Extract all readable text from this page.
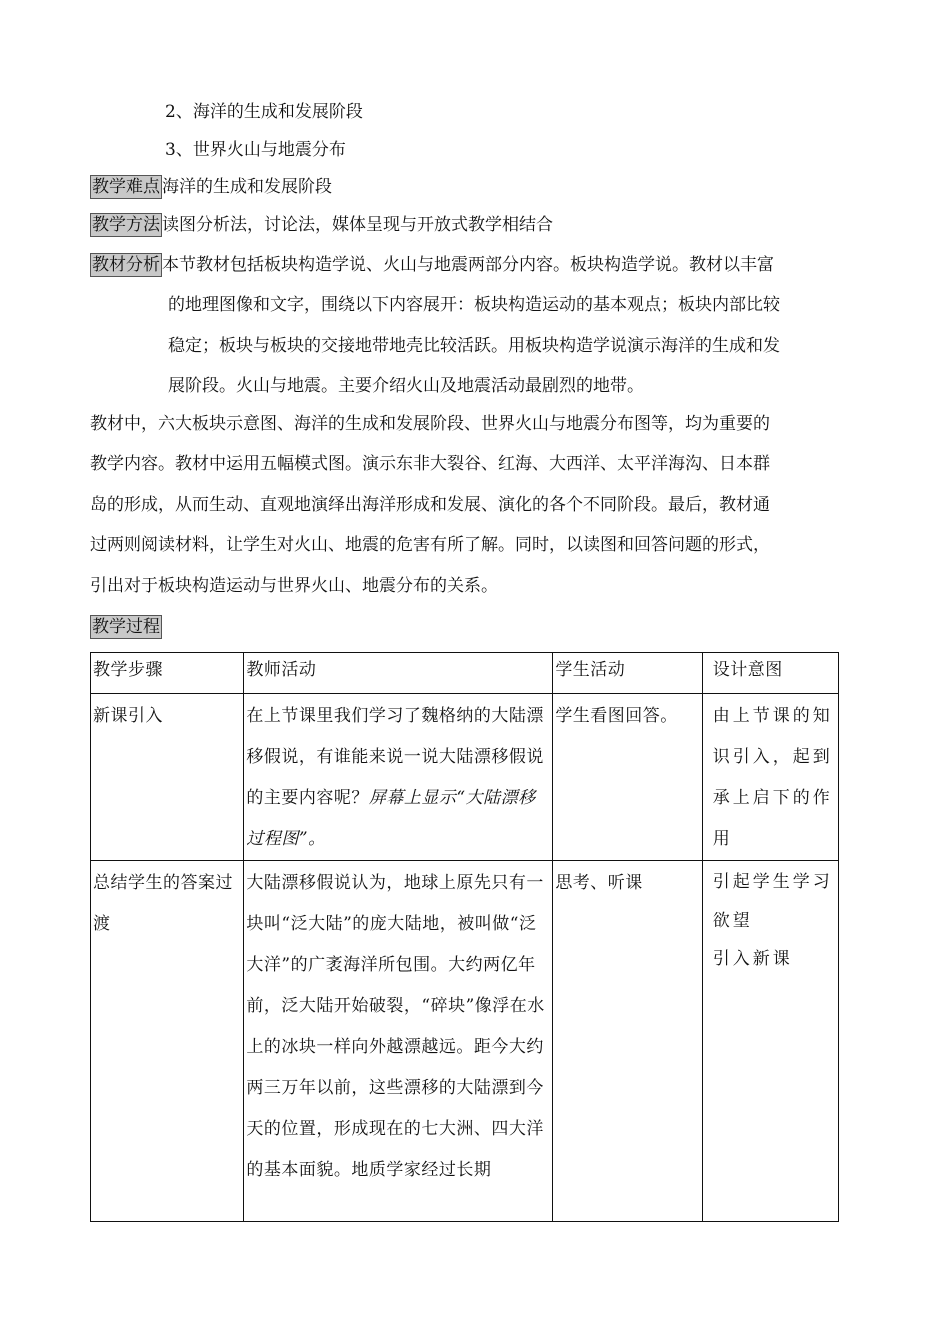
2、海洋的生成和发展阶段
3、世界火山与地震分布
教学难点 海洋的生成和发展阶段
教学方法 读图分析法，讨论法，媒体呈现与开放式教学相结合
教材分析 本节教材包括板块构造学说、火山与地震两部分内容。板块构造学说。教材以丰富
的地理图像和文字，围绕以下内容展开：板块构造运动的基本观点；板块内部比较
稳定；板块与板块的交接地带地壳比较活跃。用板块构造学说演示海洋的生成和发
展阶段。火山与地震。主要介绍火山及地震活动最剧烈的地带。
教材中，六大板块示意图、海洋的生成和发展阶段、世界火山与地震分布图等，均为重要的
教学内容。教材中运用五幅模式图。演示东非大裂谷、红海、大西洋、太平洋海沟、日本群
岛的形成，从而生动、直观地演绎出海洋形成和发展、演化的各个不同阶段。最后，教材通
过两则阅读材料，让学生对火山、地震的危害有所了解。同时，以读图和回答问题的形式，
引出对于板块构造运动与世界火山、地震分布的关系。
教学过程
教学步骤	教师活动	学生活动	设计意图
新课引入	在上节课里我们学习了魏格纳的大陆漂移假说，有谁能来说一说大陆漂移假说的主要内容呢？屏幕上显示“大陆漂移过程图”。	学生看图回答。	由上节课的知识引入，起到承上启下的作用
总结学生的答案过渡	大陆漂移假说认为，地球上原先只有一块叫“泛大陆”的庞大陆地，被叫做“泛大洋”的广袤海洋所包围。大约两亿年前，泛大陆开始破裂，“碎块”像浮在水上的冰块一样向外越漂越远。距今大约两三万年以前，这些漂移的大陆漂到今天的位置，形成现在的七大洲、四大洋的基本面貌。地质学家经过长期	思考、听课	引起学生学习欲望
引入新课
